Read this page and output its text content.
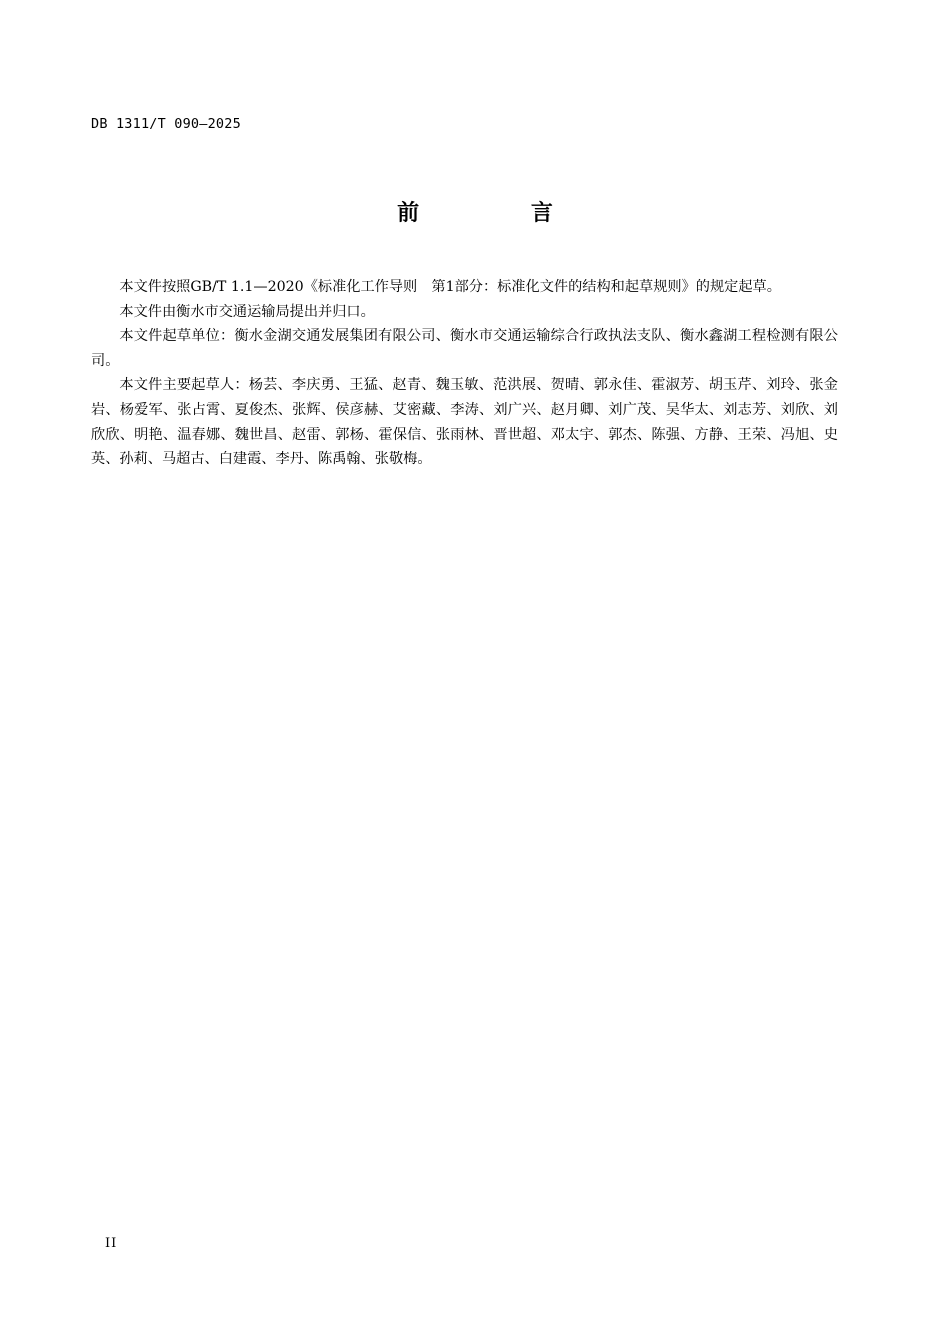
DB 1311/T 090—2025
前 言

本文件按照GB/T 1.1—2020《标准化工作导则　第1部分：标准化文件的结构和起草规则》的规定起草。

本文件由衡水市交通运输局提出并归口。

本文件起草单位：衡水金湖交通发展集团有限公司、衡水市交通运输综合行政执法支队、衡水鑫湖工程检测有限公司。

本文件主要起草人：杨芸、李庆勇、王猛、赵青、魏玉敏、范洪展、贺晴、郭永佳、霍淑芳、胡玉芹、刘玲、张金岩、杨爱军、张占霄、夏俊杰、张辉、侯彦赫、艾密藏、李涛、刘广兴、赵月卿、刘广茂、吴华太、刘志芳、刘欣、刘欣欣、明艳、温春娜、魏世昌、赵雷、郭杨、霍保信、张雨林、晋世超、邓太宇、郭杰、陈强、方静、王荣、冯旭、史英、孙莉、马超古、白建霞、李丹、陈禹翰、张敬梅。

II
